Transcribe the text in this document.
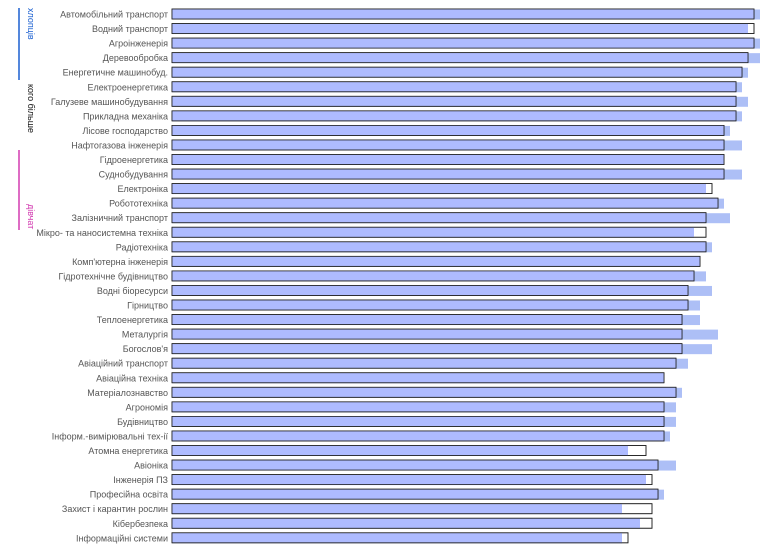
хлопців
кого більше
дівчат
Автомобільний транспорт
Водний транспорт
Агроінженерія
Деревообробка
Енергетичне машинобуд.
Електроенергетика
Галузеве машинобудування
Прикладна механіка
Лісове господарство
Нафтогазова інженерія
Гідроенергетика
Суднобудування
Електроніка
Робототехніка
Залізничний транспорт
Мікро- та наносистемна техніка
Радіотехніка
Комп'ютерна інженерія
Гідротехнічне будівництво
Водні біоресурси
Гірництво
Теплоенергетика
Металургія
Богослов'я
Авіаційний транспорт
Авіаційна техніка
Матеріалознавство
Агрономія
Будівництво
Інформ.-вимірювальні тех-ії
Атомна енергетика
Авіоніка
Інженерія ПЗ
Професійна освіта
Захист і карантин рослин
Кібербезпека
Інформаційні системи
